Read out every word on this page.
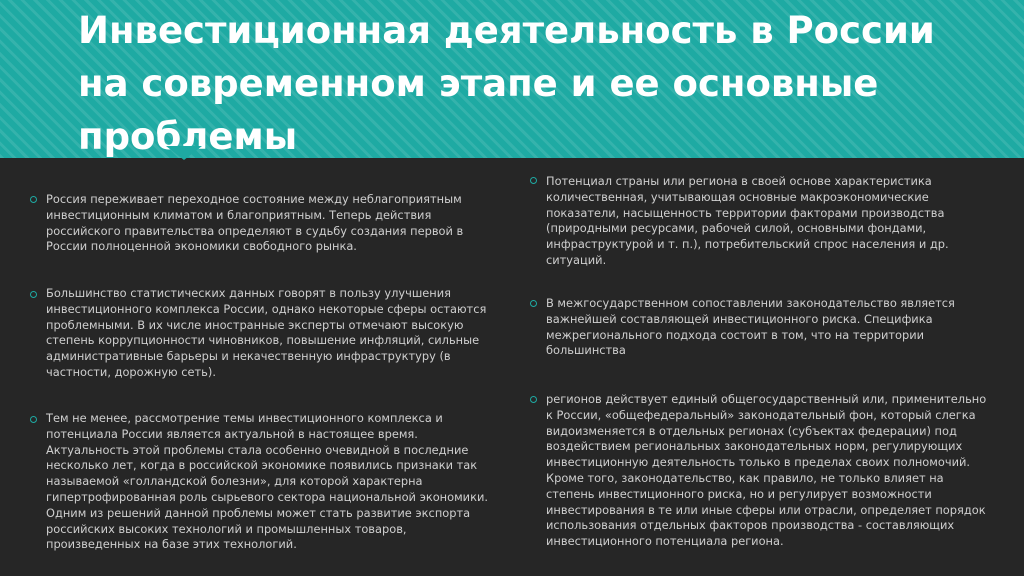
Инвестиционная деятельность в России на современном этапе и ее основные проблемы

Россия переживает переходное состояние между неблагоприятным инвестиционным климатом и благоприятным. Теперь действия российского правительства определяют в судьбу создания первой в России полноценной экономики свободного рынка.

Большинство статистических данных говорят в пользу улучшения инвестиционного комплекса России, однако некоторые сферы остаются проблемными. В их числе иностранные эксперты отмечают высокую степень коррупционности чиновников, повышение инфляций, сильные административные барьеры и некачественную инфраструктуру (в частности, дорожную сеть).

Тем не менее, рассмотрение темы инвестиционного комплекса и потенциала России является актуальной в настоящее время. Актуальность этой проблемы стала особенно очевидной в последние несколько лет, когда в российской экономике появились признаки так называемой «голландской болезни», для которой характерна гипертрофированная роль сырьевого сектора национальной экономики. Одним из решений данной проблемы может стать развитие экспорта российских высоких технологий и промышленных товаров, произведенных на базе этих технологий.

Потенциал страны или региона в своей основе характеристика количественная, учитывающая основные макроэкономические показатели, насыщенность территории факторами производства (природными ресурсами, рабочей силой, основными фондами, инфраструктурой и т. п.), потребительский спрос населения и др. ситуаций.

В межгосударственном сопоставлении законодательство является важнейшей составляющей инвестиционного риска. Специфика межрегионального подхода состоит в том, что на территории большинства

регионов действует единый общегосударственный или, применительно к России, «общефедеральный» законодательный фон, который слегка видоизменяется в отдельных регионах (субъектах федерации) под воздействием региональных законодательных норм, регулирующих инвестиционную деятельность только в пределах своих полномочий. Кроме того, законодательство, как правило, не только влияет на степень инвестиционного риска, но и регулирует возможности инвестирования в те или иные сферы или отрасли, определяет порядок использования отдельных факторов производства - составляющих инвестиционного потенциала региона.
